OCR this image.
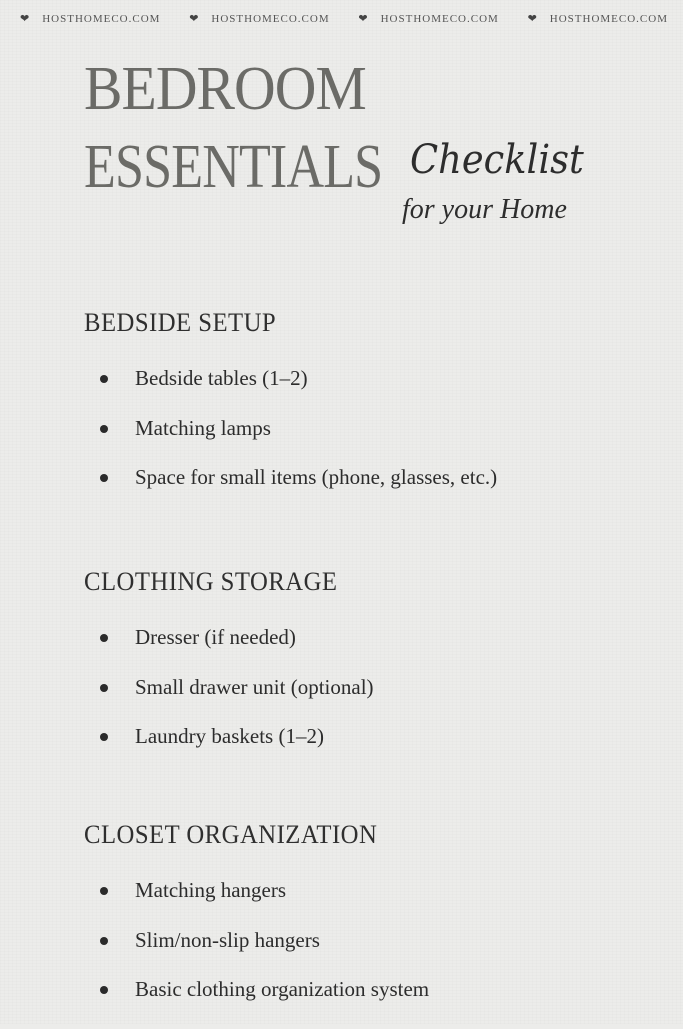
❤ HOSTHOMECO.COM	❤ HOSTHOMECO.COM	❤ HOSTHOMECO.COM	❤ HOSTHOMECO.COM
BEDROOM
ESSENTIALS Checklist
for your Home
BEDSIDE SETUP
Bedside tables (1–2)
Matching lamps
Space for small items (phone, glasses, etc.)
CLOTHING STORAGE
Dresser (if needed)
Small drawer unit (optional)
Laundry baskets (1–2)
CLOSET ORGANIZATION
Matching hangers
Slim/non-slip hangers
Basic clothing organization system
